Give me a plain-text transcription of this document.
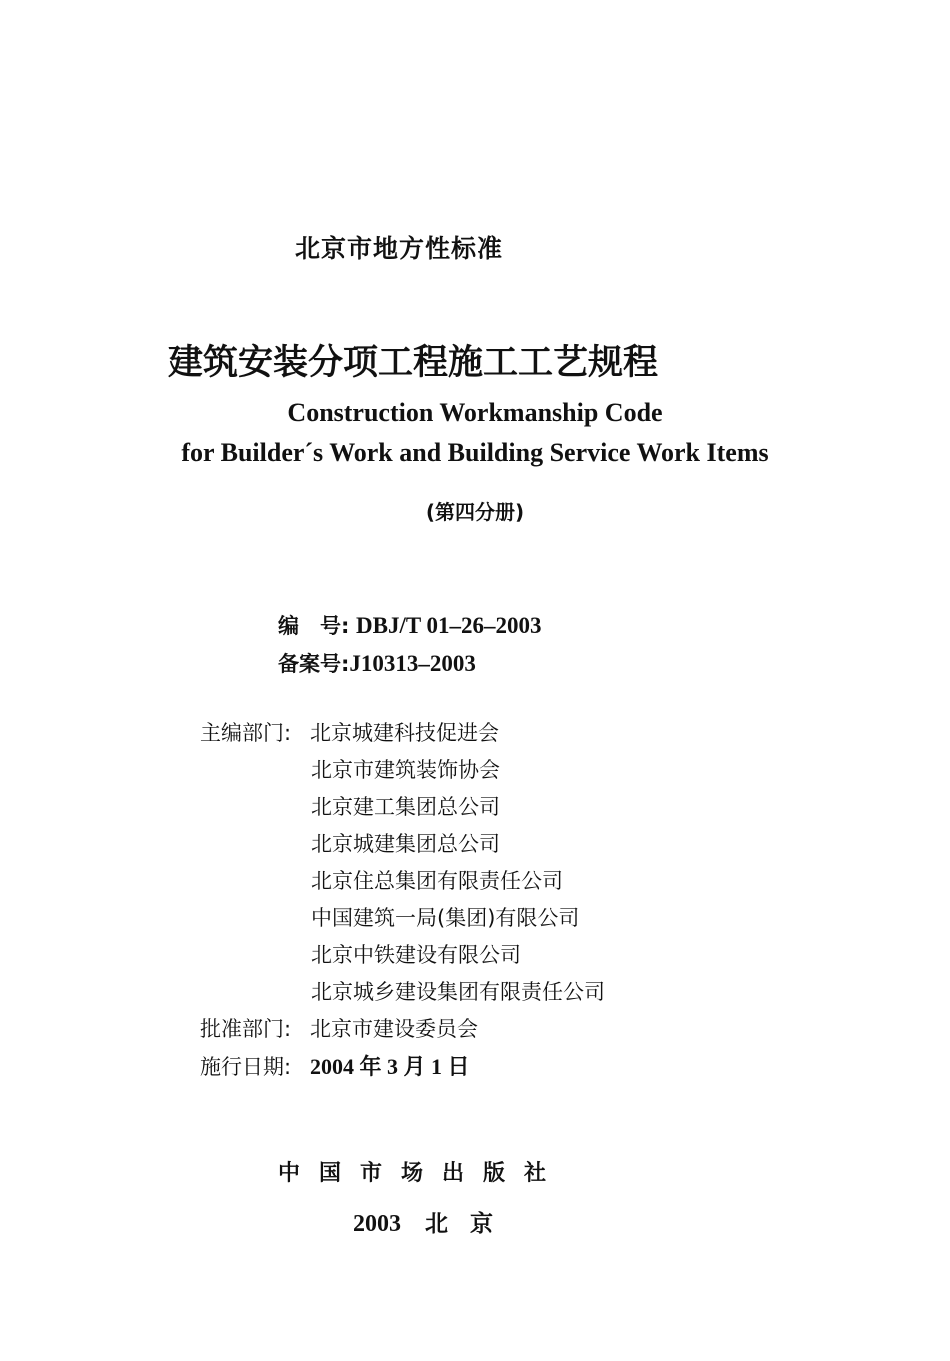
北京市地方性标准
建筑安装分项工程施工工艺规程
Construction Workmanship Code
for Builder´s Work and Building Service Work Items
(第四分册)
编　号: DBJ/T 01–26–2003
备案号:J10313–2003
主编部门: 北京城建科技促进会
北京市建筑装饰协会
北京建工集团总公司
北京城建集团总公司
北京住总集团有限责任公司
中国建筑一局(集团)有限公司
北京中铁建设有限公司
北京城乡建设集团有限责任公司
批准部门: 北京市建设委员会
施行日期: 2004 年 3 月 1 日
中国市场出版社
2003 北京
